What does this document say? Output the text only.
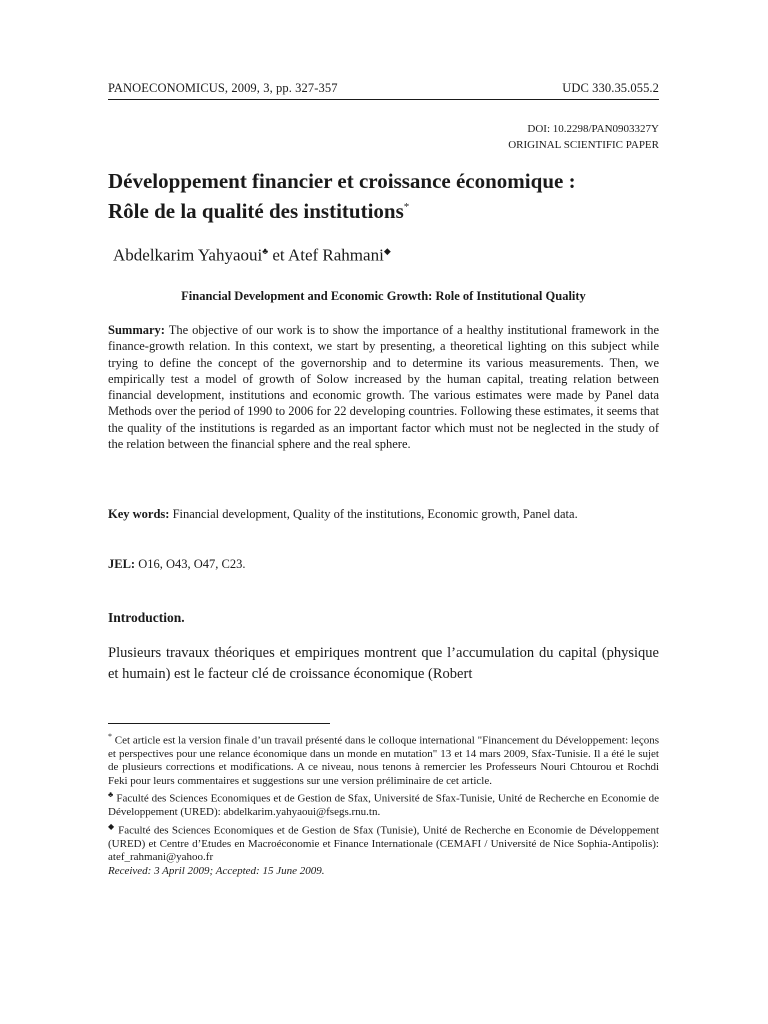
PANOECONOMICUS, 2009, 3, pp. 327-357	UDC 330.35.055.2
DOI: 10.2298/PAN0903327Y
ORIGINAL SCIENTIFIC PAPER
Développement financier et croissance économique :
Rôle de la qualité des institutions*
Abdelkarim Yahyaoui♣ et Atef Rahmani◆
Financial Development and Economic Growth: Role of Institutional Quality

Summary: The objective of our work is to show the importance of a healthy institutional framework in the finance-growth relation. In this context, we start by presenting, a theoretical lighting on this subject while trying to define the concept of the governorship and to determine its various measurements. Then, we empirically test a model of growth of Solow increased by the human capital, treating relation between financial development, institutions and economic growth. The various estimates were made by Panel data Methods over the period of 1990 to 2006 for 22 developing countries. Following these estimates, it seems that the quality of the institutions is regarded as an important factor which must not be neglected in the study of the relation between the financial sphere and the real sphere.

Key words: Financial development, Quality of the institutions, Economic growth, Panel data.

JEL: O16, O43, O47, C23.

Introduction.

Plusieurs travaux théoriques et empiriques montrent que l’accumulation du capital (physique et humain) est le facteur clé de croissance économique (Robert

* Cet article est la version finale d’un travail présenté dans le colloque international "Financement du Développement: leçons et perspectives pour une relance économique dans un monde en mutation" 13 et 14 mars 2009, Sfax-Tunisie. Il a été le sujet de plusieurs corrections et modifications. A ce niveau, nous tenons à remercier les Professeurs Nouri Chtourou et Rochdi Feki pour leurs commentaires et suggestions sur une version préliminaire de cet article.

♣ Faculté des Sciences Economiques et de Gestion de Sfax, Université de Sfax-Tunisie, Unité de Recherche en Economie de Développement (URED): abdelkarim.yahyaoui@fsegs.rnu.tn.

◆ Faculté des Sciences Economiques et de Gestion de Sfax (Tunisie), Unité de Recherche en Economie de Développement (URED) et Centre d’Etudes en Macroéconomie et Finance Internationale (CEMAFI / Université de Nice Sophia-Antipolis): atef_rahmani@yahoo.fr

Received: 3 April 2009; Accepted: 15 June 2009.
